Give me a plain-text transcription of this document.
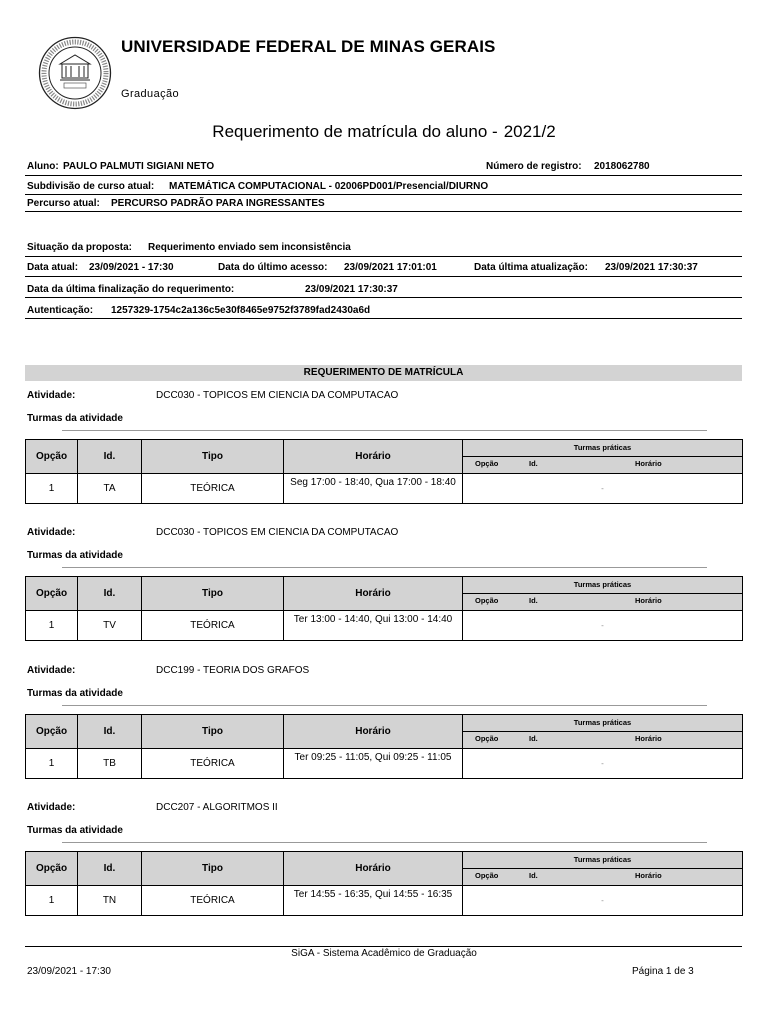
UNIVERSIDADE FEDERAL DE MINAS GERAIS
Graduação
Requerimento de matrícula do aluno - 2021/2
Aluno: PAULO PALMUTI SIGIANI NETO	Número de registro: 2018062780
Subdivisão de curso atual: MATEMÁTICA COMPUTACIONAL - 02006PD001/Presencial/DIURNO
Percurso atual: PERCURSO PADRÃO PARA INGRESSANTES
Situação da proposta: Requerimento enviado sem inconsistência
Data atual: 23/09/2021 - 17:30	Data do último acesso: 23/09/2021 17:01:01	Data última atualização: 23/09/2021 17:30:37
Data da última finalização do requerimento:	23/09/2021 17:30:37
Autenticação: 1257329-1754c2a136c5e30f8465e9752f3789fad2430a6d
REQUERIMENTO DE MATRÍCULA
Atividade:	DCC030 - TOPICOS EM CIENCIA DA COMPUTACAO
Turmas da atividade
Opção	Id.	Tipo	Horário	Turmas práticas
Opção Id. Horário

1	TA	TEÓRICA	Seg 17:00 - 18:40, Qua 17:00 - 18:40	-
Atividade:	DCC030 - TOPICOS EM CIENCIA DA COMPUTACAO
Turmas da atividade
Opção	Id.	Tipo	Horário	Turmas práticas
Opção Id. Horário

1	TV	TEÓRICA	Ter 13:00 - 14:40, Qui 13:00 - 14:40	-
Atividade:	DCC199 - TEORIA DOS GRAFOS
Turmas da atividade
Opção	Id.	Tipo	Horário	Turmas práticas
Opção Id. Horário

1	TB	TEÓRICA	Ter 09:25 - 11:05, Qui 09:25 - 11:05	-
Atividade:	DCC207 - ALGORITMOS II
Turmas da atividade
Opção	Id.	Tipo	Horário	Turmas práticas
Opção Id. Horário

1	TN	TEÓRICA	Ter 14:55 - 16:35, Qui 14:55 - 16:35	-
SiGA - Sistema Acadêmico de Graduação
23/09/2021 - 17:30	Página 1 de 3
